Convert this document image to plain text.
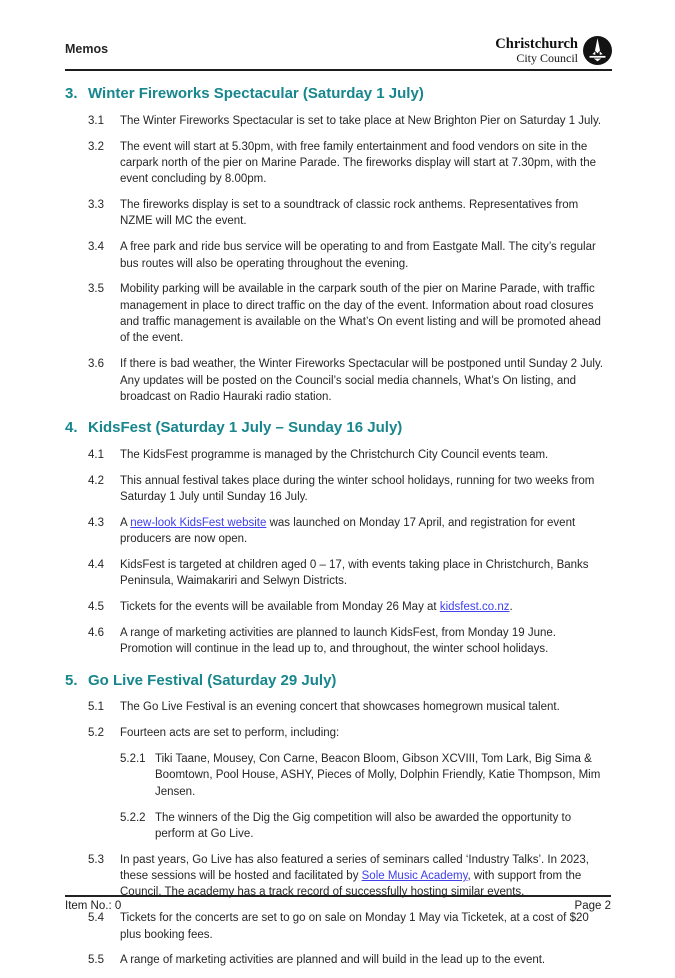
Memos	Christchurch
City Council
3. Winter Fireworks Spectacular (Saturday 1 July)
3.1	The Winter Fireworks Spectacular is set to take place at New Brighton Pier on Saturday 1 July.
3.2	The event will start at 5.30pm, with free family entertainment and food vendors on site in the carpark north of the pier on Marine Parade. The fireworks display will start at 7.30pm, with the event concluding by 8.00pm.
3.3	The fireworks display is set to a soundtrack of classic rock anthems. Representatives from NZME will MC the event.
3.4	A free park and ride bus service will be operating to and from Eastgate Mall. The city’s regular bus routes will also be operating throughout the evening.
3.5	Mobility parking will be available in the carpark south of the pier on Marine Parade, with traffic management in place to direct traffic on the day of the event. Information about road closures and traffic management is available on the What’s On event listing and will be promoted ahead of the event.
3.6	If there is bad weather, the Winter Fireworks Spectacular will be postponed until Sunday 2 July. Any updates will be posted on the Council’s social media channels, What’s On listing, and broadcast on Radio Hauraki radio station.
4. KidsFest (Saturday 1 July – Sunday 16 July)
4.1	The KidsFest programme is managed by the Christchurch City Council events team.
4.2	This annual festival takes place during the winter school holidays, running for two weeks from Saturday 1 July until Sunday 16 July.
4.3	A new-look KidsFest website was launched on Monday 17 April, and registration for event producers are now open.
4.4	KidsFest is targeted at children aged 0 – 17, with events taking place in Christchurch, Banks Peninsula, Waimakariri and Selwyn Districts.
4.5	Tickets for the events will be available from Monday 26 May at kidsfest.co.nz.
4.6	A range of marketing activities are planned to launch KidsFest, from Monday 19 June. Promotion will continue in the lead up to, and throughout, the winter school holidays.
5. Go Live Festival (Saturday 29 July)
5.1	The Go Live Festival is an evening concert that showcases homegrown musical talent.
5.2	Fourteen acts are set to perform, including:
5.2.1 Tiki Taane, Mousey, Con Carne, Beacon Bloom, Gibson XCVIII, Tom Lark, Big Sima & Boomtown, Pool House, ASHY, Pieces of Molly, Dolphin Friendly, Katie Thompson, Mim Jensen.
5.2.2 The winners of the Dig the Gig competition will also be awarded the opportunity to perform at Go Live.
5.3	In past years, Go Live has also featured a series of seminars called ‘Industry Talks’. In 2023, these sessions will be hosted and facilitated by Sole Music Academy, with support from the Council. The academy has a track record of successfully hosting similar events.
5.4	Tickets for the concerts are set to go on sale on Monday 1 May via Ticketek, at a cost of $20 plus booking fees.
5.5	A range of marketing activities are planned and will build in the lead up to the event.
Item No.: 0	Page 2
